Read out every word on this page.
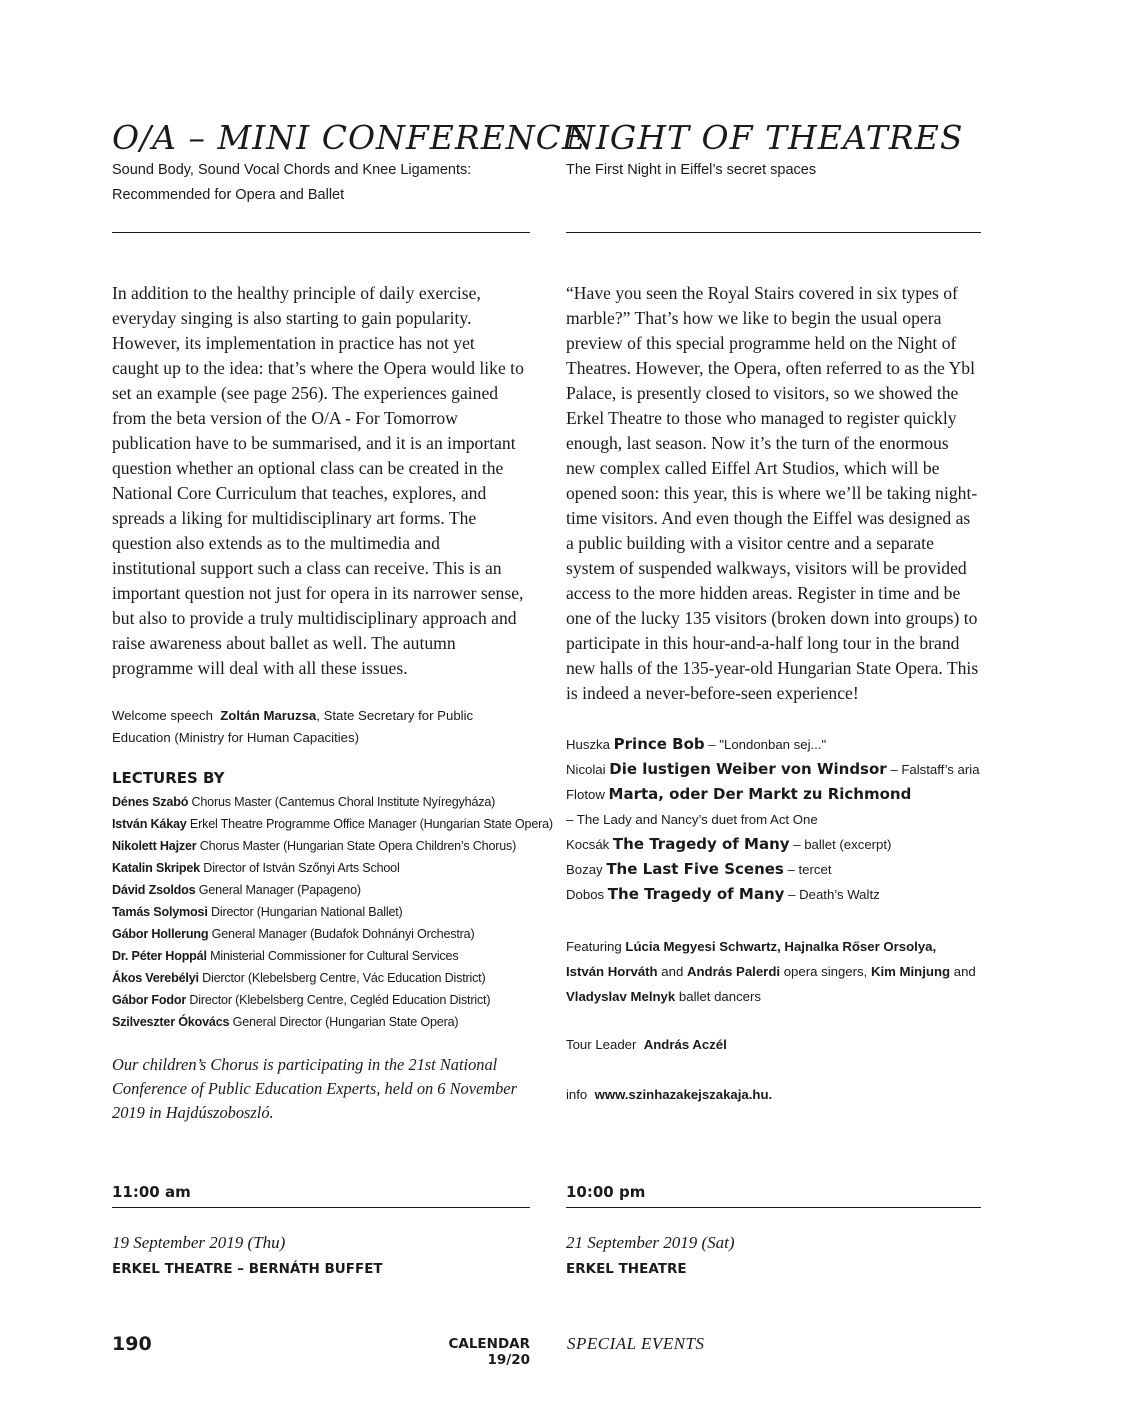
O/A – MINI CONFERENCE

Sound Body, Sound Vocal Chords and Knee Ligaments: Recommended for Opera and Ballet

In addition to the healthy principle of daily exercise, everyday singing is also starting to gain popularity. However, its implementation in practice has not yet caught up to the idea: that’s where the Opera would like to set an example (see page 256). The experiences gained from the beta version of the O/A - For Tomorrow publication have to be summarised, and it is an important question whether an optional class can be created in the National Core Curriculum that teaches, explores, and spreads a liking for multidisciplinary art forms. The question also extends as to the multimedia and institutional support such a class can receive. This is an important question not just for opera in its narrower sense, but also to provide a truly multidisciplinary approach and raise awareness about ballet as well. The autumn programme will deal with all these issues.

Welcome speech Zoltán Maruzsa, State Secretary for Public Education (Ministry for Human Capacities)

LECTURES BY
Dénes Szabó Chorus Master (Cantemus Choral Institute Nyíregyháza)
István Kákay Erkel Theatre Programme Office Manager (Hungarian State Opera)
Nikolett Hajzer Chorus Master (Hungarian State Opera Children’s Chorus)
Katalin Skripek Director of István Szőnyi Arts School
Dávid Zsoldos General Manager (Papageno)
Tamás Solymosi Director (Hungarian National Ballet)
Gábor Hollerung General Manager (Budafok Dohnányi Orchestra)
Dr. Péter Hoppál Ministerial Commissioner for Cultural Services
Ákos Verebélyi Dierctor (Klebelsberg Centre, Vác Education District)
Gábor Fodor Director (Klebelsberg Centre, Cegléd Education District)
Szilveszter Ókovács General Director (Hungarian State Opera)

Our children’s Chorus is participating in the 21st National Conference of Public Education Experts, held on 6 November 2019 in Hajdúszoboszló.

11:00 am

19 September 2019 (Thu)

ERKEL THEATRE – BERNÁTH BUFFET

NIGHT OF THEATRES

The First Night in Eiffel’s secret spaces

“Have you seen the Royal Stairs covered in six types of marble?” That’s how we like to begin the usual opera preview of this special programme held on the Night of Theatres. However, the Opera, often referred to as the Ybl Palace, is presently closed to visitors, so we showed the Erkel Theatre to those who managed to register quickly enough, last season. Now it’s the turn of the enormous new complex called Eiffel Art Studios, which will be opened soon: this year, this is where we’ll be taking night-time visitors. And even though the Eiffel was designed as a public building with a visitor centre and a separate system of suspended walkways, visitors will be provided access to the more hidden areas. Register in time and be one of the lucky 135 visitors (broken down into groups) to participate in this hour-and-a-half long tour in the brand new halls of the 135-year-old Hungarian State Opera. This is indeed a never-before-seen experience!

Huszka Prince Bob – "Londonban sej..."
Nicolai Die lustigen Weiber von Windsor – Falstaff’s aria
Flotow Marta, oder Der Markt zu Richmond
– The Lady and Nancy’s duet from Act One
Kocsák The Tragedy of Many – ballet (excerpt)
Bozay The Last Five Scenes – tercet
Dobos The Tragedy of Many – Death’s Waltz

Featuring Lúcia Megyesi Schwartz, Hajnalka Rőser Orsolya,
István Horváth and András Palerdi opera singers, Kim Minjung and
Vladyslav Melnyk ballet dancers

Tour Leader András Aczél

info www.szinhazakejszakaja.hu.

10:00 pm

21 September 2019 (Sat)

ERKEL THEATRE

190	CALENDAR 19/20

SPECIAL EVENTS
